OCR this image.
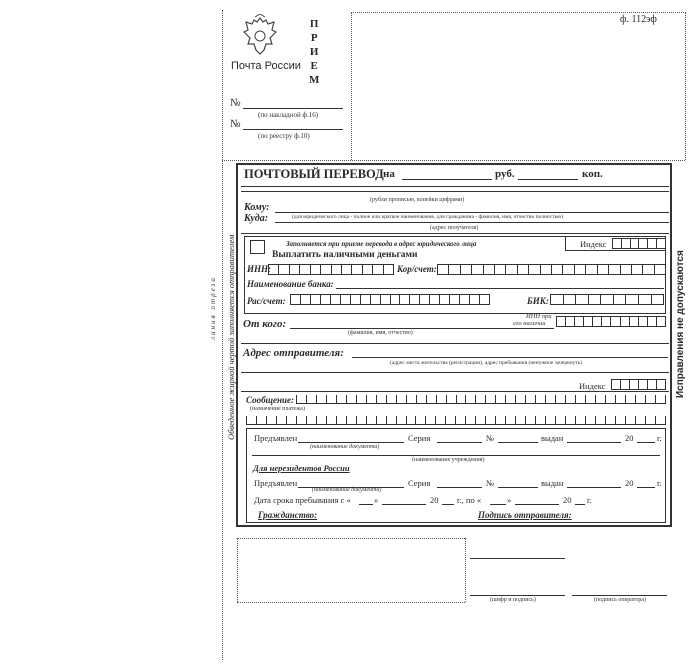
ф. 112эф
Почта России
П
Р
И
Е
М
№
(по накладной ф.16)
№
(по реестру ф.10)
линия отреза Обведенное жирной чертой заполняется отправителем	Исправления не допускаются
ПОЧТОВЫЙ ПЕРЕВОД на	руб.	коп.
(рубли прописью, копейки цифрами)
Кому:
Куда:	(для юридического лица - полное или краткое наименование, для гражданина - фамилия, имя, отчество полностью)
(адрес получателя)
Заполняется при приеме перевода в адрес юридического лица
Выплатить наличными деньгами
Индекс
ИНН:	Кор/счет:
Наименование банка:
Рас/счет:	БИК:
От кого:
ИНН при
его наличии
(фамилия, имя, отчество)
Адрес отправителя:
(адрес места жительства (регистрации), адрес пребывания (ненужное зачеркнуть)
Индекс
Сообщение:
(назначение платежа)
Предъявлен
(наименование документа)
Серия	№	выдан	20	г.
(наименование учреждения)
Для нерезидентов России
Предъявлен
(наименование документа)
Серия	№	выдан	20	г.
Дата срока пребывания с «	»	20 г., по «	»	20 г.
Гражданство:	Подпись отправителя:
(шифр и подпись)	(подпись оператора)
